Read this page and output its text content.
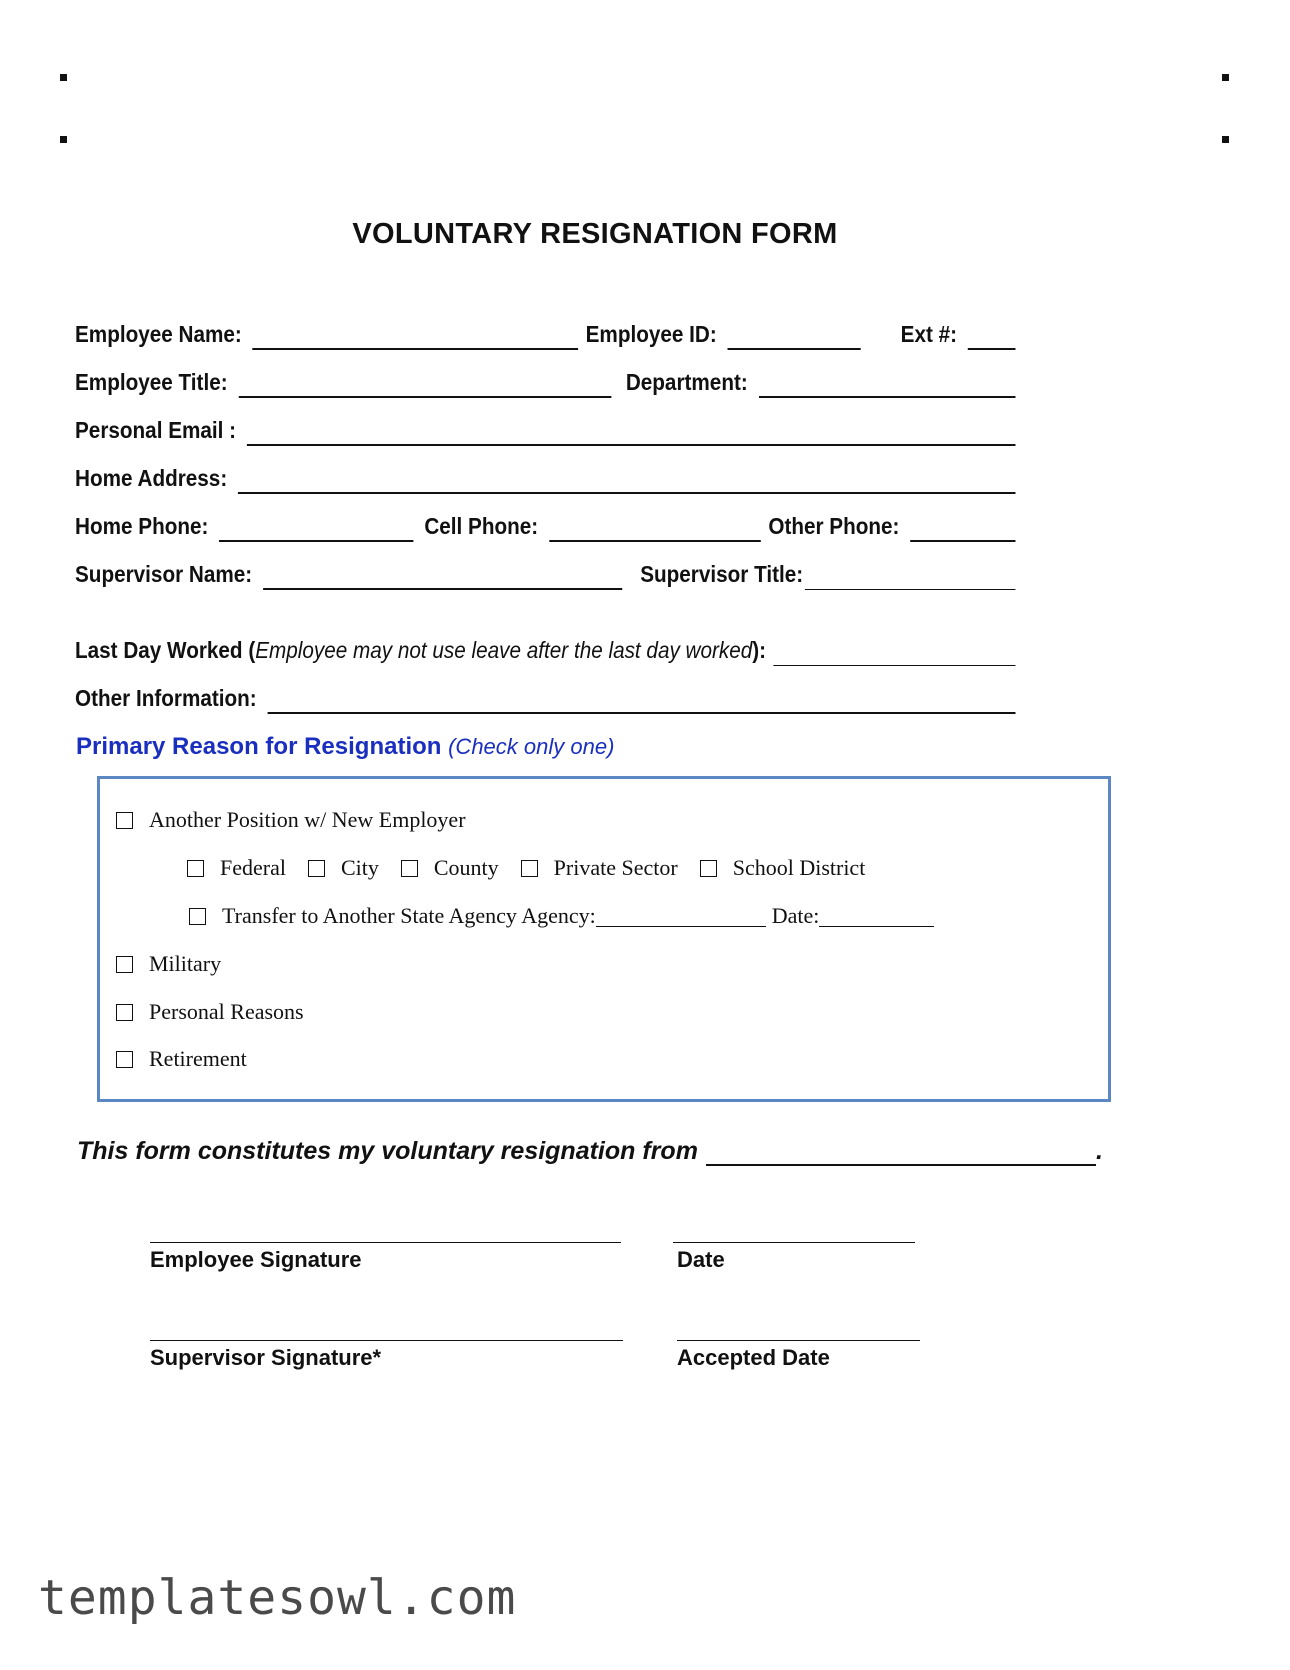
VOLUNTARY RESIGNATION FORM
Employee Name:	Employee ID:	Ext #:
Employee Title:	Department:
Personal Email :
Home Address:
Home Phone:	Cell Phone:	Other Phone:
Supervisor Name:	Supervisor Title:
Last Day Worked (Employee may not use leave after the last day worked):
Other Information:
Primary Reason for Resignation (Check only one)
Another Position w/ New Employer
Federal	City	County	Private Sector	School District
Transfer to Another State Agency Agency:	Date:
Military
Personal Reasons
Retirement
This form constitutes my voluntary resignation from	.
Employee Signature	Date
Supervisor Signature*	Accepted Date
templatesowl.com
